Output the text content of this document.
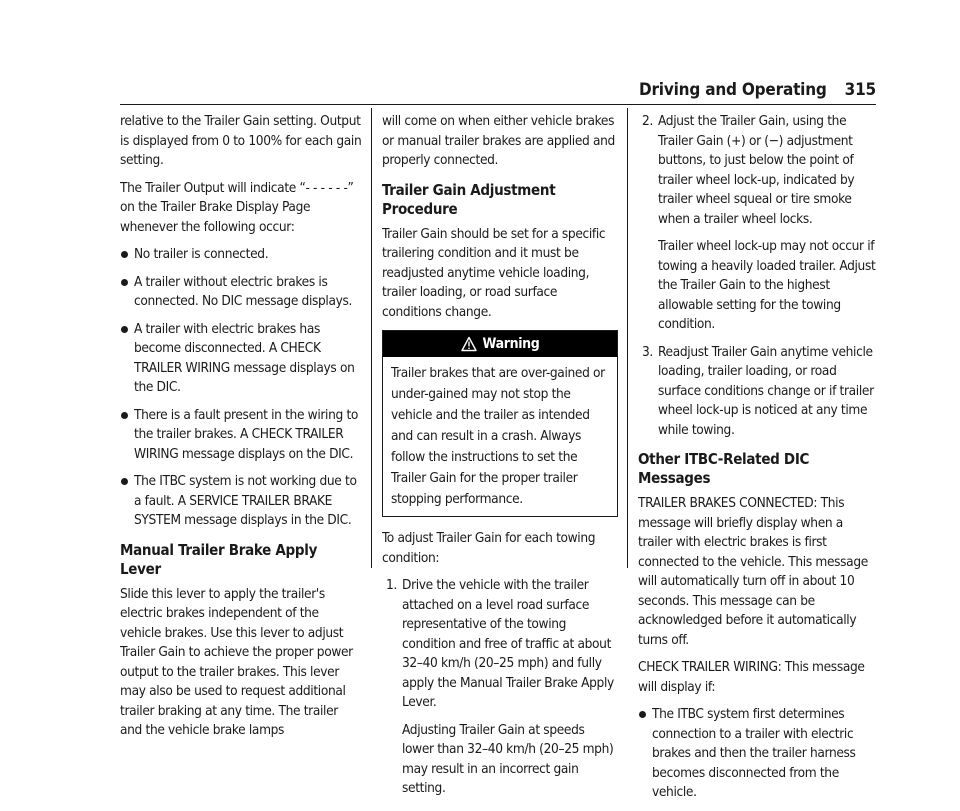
Driving and Operating 315

relative to the Trailer Gain setting. Output is displayed from 0 to 100% for each gain setting.

The Trailer Output will indicate “- - - - - -” on the Trailer Brake Display Page whenever the following occur:

No trailer is connected.
A trailer without electric brakes is connected. No DIC message displays.
A trailer with electric brakes has become disconnected. A CHECK TRAILER WIRING message displays on the DIC.
There is a fault present in the wiring to the trailer brakes. A CHECK TRAILER WIRING message displays on the DIC.
The ITBC system is not working due to a fault. A SERVICE TRAILER BRAKE SYSTEM message displays in the DIC.
Manual Trailer Brake Apply Lever

Slide this lever to apply the trailer's electric brakes independent of the vehicle brakes. Use this lever to adjust Trailer Gain to achieve the proper power output to the trailer brakes. This lever may also be used to request additional trailer braking at any time. The trailer and the vehicle brake lamps

will come on when either vehicle brakes or manual trailer brakes are applied and properly connected.

Trailer Gain Adjustment Procedure

Trailer Gain should be set for a specific trailering condition and it must be readjusted anytime vehicle loading, trailer loading, or road surface conditions change.

Warning
Trailer brakes that are over-gained or under-gained may not stop the vehicle and the trailer as intended and can result in a crash. Always follow the instructions to set the Trailer Gain for the proper trailer stopping performance.

To adjust Trailer Gain for each towing condition:

1. Drive the vehicle with the trailer attached on a level road surface representative of the towing condition and free of traffic at about 32–40 km/h (20–25 mph) and fully apply the Manual Trailer Brake Apply Lever.

Adjusting Trailer Gain at speeds lower than 32–40 km/h (20–25 mph) may result in an incorrect gain setting.

2. Adjust the Trailer Gain, using the Trailer Gain (+) or (−) adjustment buttons, to just below the point of trailer wheel lock-up, indicated by trailer wheel squeal or tire smoke when a trailer wheel locks.

Trailer wheel lock-up may not occur if towing a heavily loaded trailer. Adjust the Trailer Gain to the highest allowable setting for the towing condition.

3. Readjust Trailer Gain anytime vehicle loading, trailer loading, or road surface conditions change or if trailer wheel lock-up is noticed at any time while towing.

Other ITBC-Related DIC Messages

TRAILER BRAKES CONNECTED: This message will briefly display when a trailer with electric brakes is first connected to the vehicle. This message will automatically turn off in about 10 seconds. This message can be acknowledged before it automatically turns off.

CHECK TRAILER WIRING: This message will display if:

The ITBC system first determines connection to a trailer with electric brakes and then the trailer harness becomes disconnected from the vehicle.
